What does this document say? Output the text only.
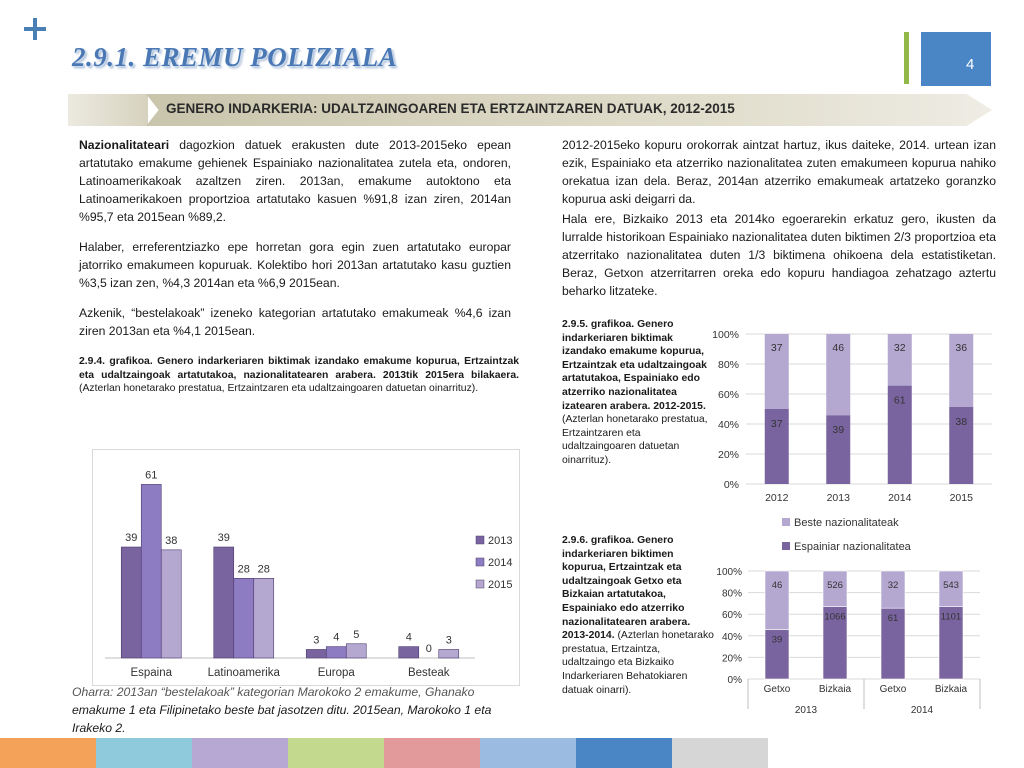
2.9.1. EREMU POLIZIALA	4
GENERO INDARKERIA: UDALTZAINGOAREN ETA ERTZAINTZAREN DATUAK, 2012-2015
Nazionalitateari dagozkion datuek erakusten dute 2013-2015eko epean artatutako emakume gehienek Espainiako nazionalitatea zutela eta, ondoren, Latinoamerikakoak azaltzen ziren. 2013an, emakume autoktono eta Latinoamerikakoen proportzioa artatutako kasuen %91,8 izan ziren, 2014an %95,7 eta 2015ean %89,2.
Halaber, erreferentziazko epe horretan gora egin zuen artatutako europar jatorriko emakumeen kopuruak. Kolektibo hori 2013an artatutako kasu guztien %3,5 izan zen, %4,3 2014an eta %6,9 2015ean.
Azkenik, “bestelakoak” izeneko kategorian artatutako emakumeak %4,6 izan ziren 2013an eta %4,1 2015ean.
2.9.4. grafikoa. Genero indarkeriaren biktimak izandako emakume kopurua, Ertzaintzak eta udaltzaingoak artatutakoa, nazionalitatearen arabera. 2013tik 2015era bilakaera. (Azterlan honetarako prestatua, Ertzaintzaren eta udaltzaingoaren datuetan oinarrituz).
39
61
38
Espaina
39
28 28
Latinoamerika
3 4 5
Europa
4
0
3
Besteak
2013
2014
2015
Oharra: 2013an “bestelakoak” kategorian Marokoko 2 emakume, Ghanako emakume 1 eta Filipinetako beste bat jasotzen ditu. 2015ean, Marokoko 1 eta Irakeko 2.
2012-2015eko kopuru orokorrak aintzat hartuz, ikus daiteke, 2014. urtean izan ezik, Espainiako eta atzerriko nazionalitatea zuten emakumeen kopurua nahiko orekatua izan dela. Beraz, 2014an atzerriko emakumeak artatzeko goranzko kopurua aski deigarri da.
Hala ere, Bizkaiko 2013 eta 2014ko egoerarekin erkatuz gero, ikusten da lurralde historikoan Espainiako nazionalitatea duten biktimen 2/3 proportzioa eta atzerritako nazionalitatea duten 1/3 biktimena ohikoena dela estatistiketan. Beraz, Getxon atzerritarren oreka edo kopuru handiagoa zehatzago aztertu beharko litzateke.
2.9.5. grafikoa. Genero indarkeriaren biktimak izandako emakume kopurua, Ertzaintzak eta udaltzaingoak artatutakoa, Espainiako edo atzerriko nazionalitatea izatearen arabera. 2012-2015. (Azterlan honetarako prestatua, Ertzaintzaren eta udaltzaingoaren datuetan oinarrituz).
0%
20%
40%
60%
80%
100%
37
37
2012
39
46
2013
61
32
2014
38
36
2015
Beste nazionalitateak
Espainiar nazionalitatea
2.9.6. grafikoa. Genero indarkeriaren biktimen kopurua, Ertzaintzak eta udaltzaingoak Getxo eta Bizkaian artatutakoa, Espainiako edo atzerriko nazionalitatearen arabera. 2013-2014. (Azterlan honetarako prestatua, Ertzaintza, udaltzaingo eta Bizkaiko Indarkeriaren Behatokiaren datuak oinarri).
0%
20%
40%
60%
80%
100%
39
46
Getxo
1066
526
Bizkaia
61
32
Getxo
1101
543
Bizkaia
2013	2014
